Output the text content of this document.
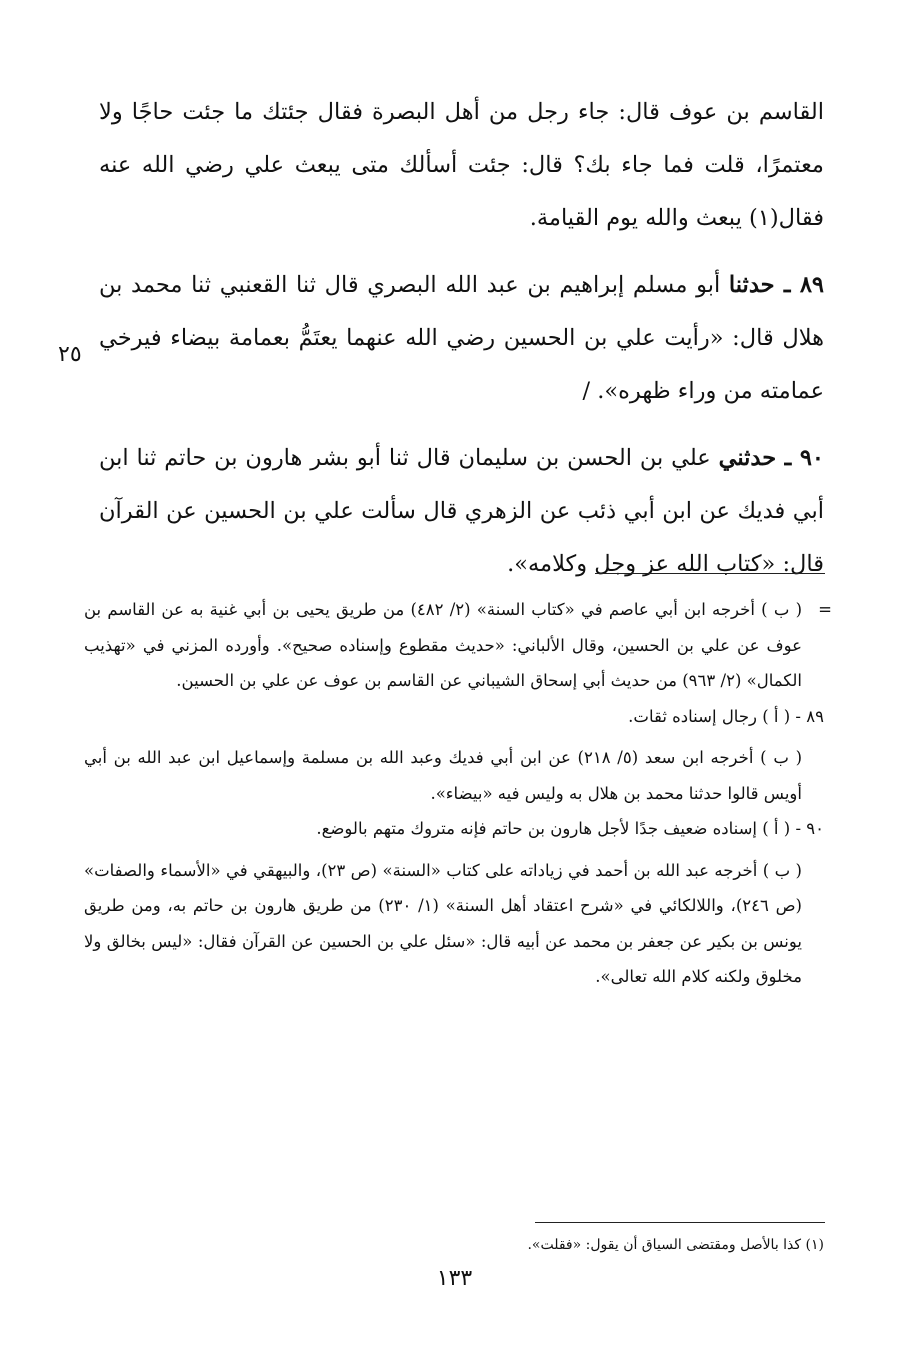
القاسم بن عوف قال: جاء رجل من أهل البصرة فقال جئتك ما جئت حاجًا ولا معتمرًا، قلت فما جاء بك؟ قال: جئت أسألك متى يبعث علي رضي الله عنه فقال(١) يبعث والله يوم القيامة.

٨٩ ـ حدثنا أبو مسلم إبراهيم بن عبد الله البصري قال ثنا القعنبي ثنا محمد بن هلال قال: «رأيت علي بن الحسين رضي الله عنهما يعتَمُّ بعمامة بيضاء فيرخي عمامته من وراء ظهره». /

٩٠ ـ حدثني علي بن الحسن بن سليمان قال ثنا أبو بشر هارون بن حاتم ثنا ابن أبي فديك عن ابن أبي ذئب عن الزهري قال سألت علي بن الحسين عن القرآن قال: «كتاب الله عز وجل وكلامه».

٢٥
=

( ب ) أخرجه ابن أبي عاصم في «كتاب السنة» (٢/ ٤٨٢) من طريق يحيى بن أبي غنية به عن القاسم بن عوف عن علي بن الحسين، وقال الألباني: «حديث مقطوع وإسناده صحيح». وأورده المزني في «تهذيب الكمال» (٢/ ٩٦٣) من حديث أبي إسحاق الشيباني عن القاسم بن عوف عن علي بن الحسين.

٨٩ - ( أ ) رجال إسناده ثقات.

( ب ) أخرجه ابن سعد (٥/ ٢١٨) عن ابن أبي فديك وعبد الله بن مسلمة وإسماعيل ابن عبد الله بن أبي أويس قالوا حدثنا محمد بن هلال به وليس فيه «بيضاء».

٩٠ - ( أ ) إسناده ضعيف جدًا لأجل هارون بن حاتم فإنه متروك متهم بالوضع.

( ب ) أخرجه عبد الله بن أحمد في زياداته على كتاب «السنة» (ص ٢٣)، والبيهقي في «الأسماء والصفات» (ص ٢٤٦)، واللالكائي في «شرح اعتقاد أهل السنة» (١/ ٢٣٠) من طريق هارون بن حاتم به، ومن طريق يونس بن بكير عن جعفر بن محمد عن أبيه قال: «سئل علي بن الحسين عن القرآن فقال: «ليس بخالق ولا مخلوق ولكنه كلام الله تعالى».

(١) كذا بالأصل ومقتضى السياق أن يقول: «فقلت».
١٣٣
